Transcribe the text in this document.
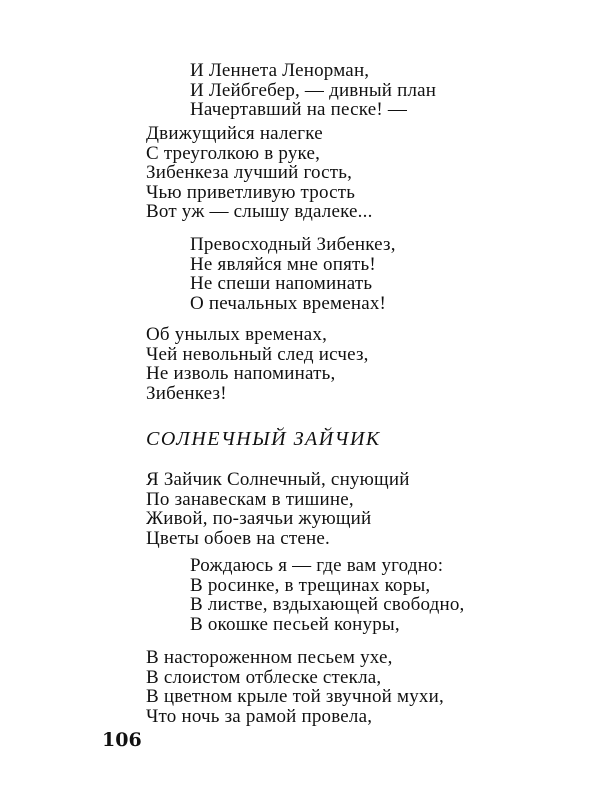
И Леннета Ленорман,
И Лейбгебер, — дивный план
Начертавший на песке! —
Движущийся налегке
С треуголкою в руке,
Зибенкеза лучший гость,
Чью приветливую трость
Вот уж — слышу вдалеке...
Превосходный Зибенкез,
Не являйся мне опять!
Не спеши напоминать
О печальных временах!
Об унылых временах,
Чей невольный след исчез,
Не изволь напоминать,
Зибенкез!
СОЛНЕЧНЫЙ ЗАЙЧИК
Я Зайчик Солнечный, снующий
По занавескам в тишине,
Живой, по-заячьи жующий
Цветы обоев на стене.
Рождаюсь я — где вам угодно:
В росинке, в трещинах коры,
В листве, вздыхающей свободно,
В окошке песьей конуры,
В настороженном песьем ухе,
В слоистом отблеске стекла,
В цветном крыле той звучной мухи,
Что ночь за рамой провела,
106
